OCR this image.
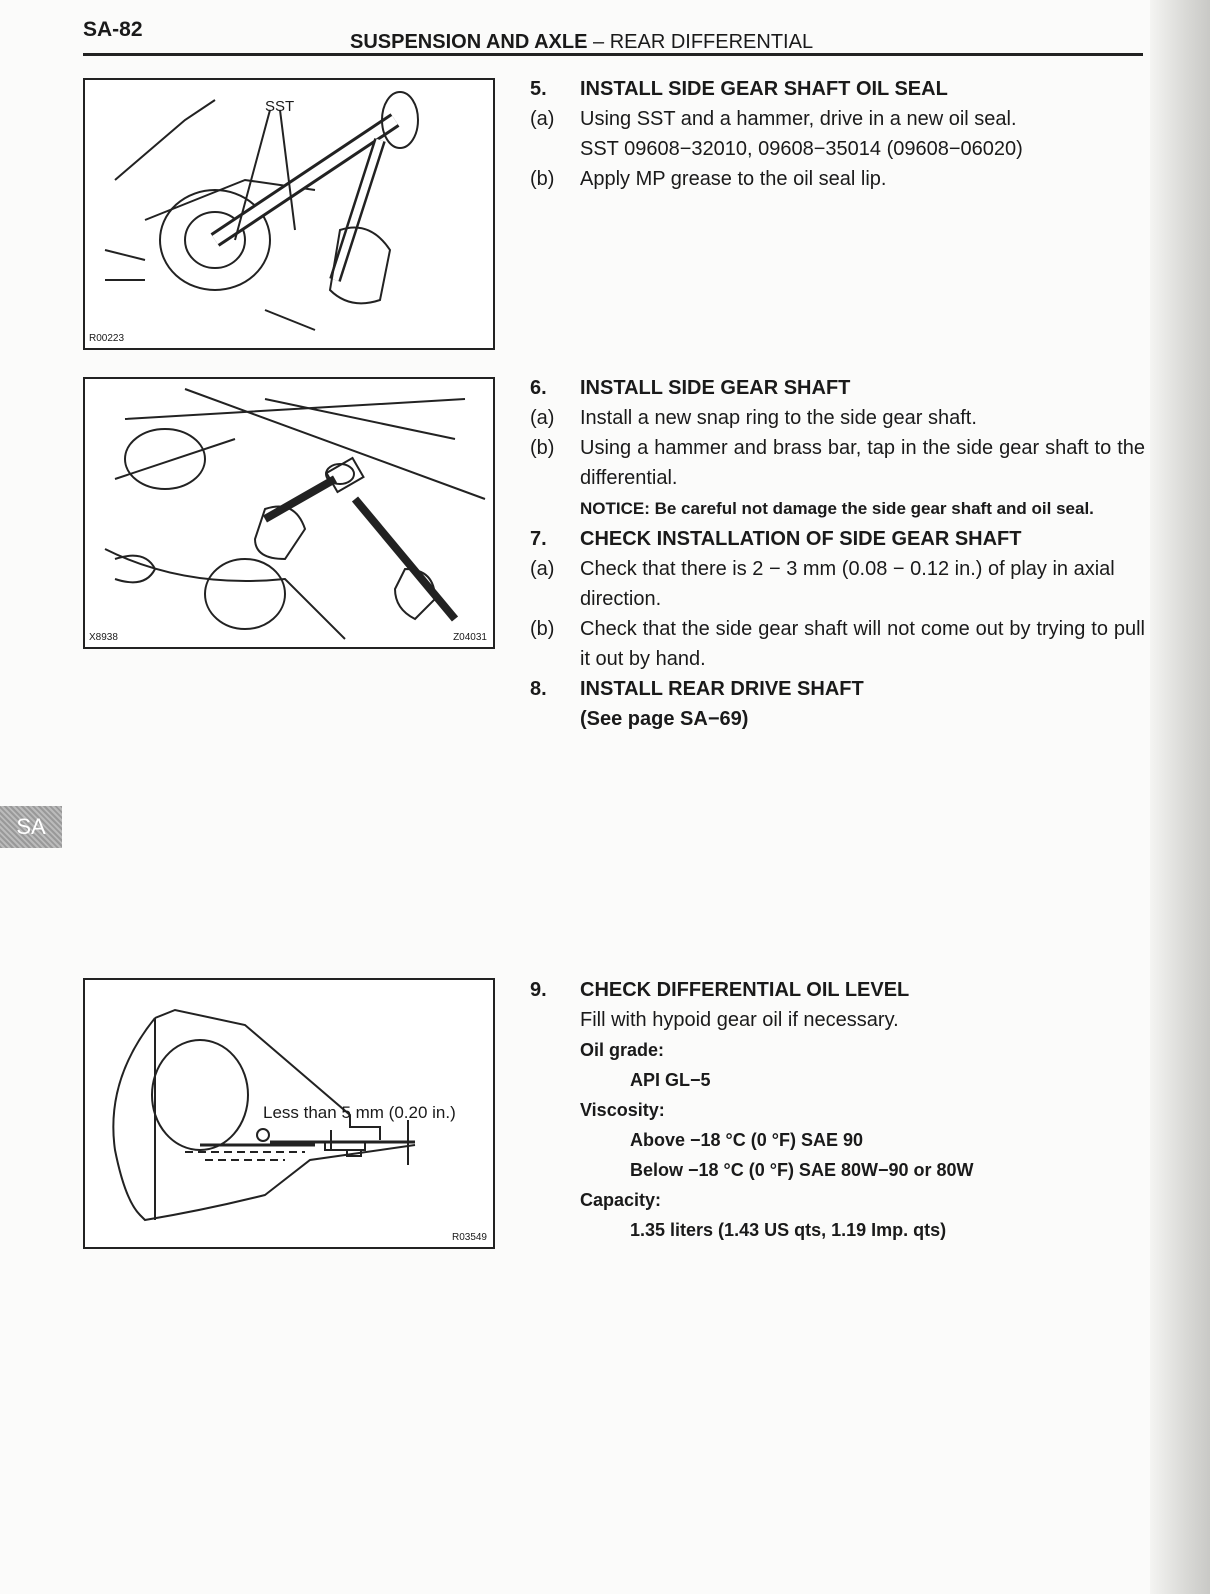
SA-82
SUSPENSION AND AXLE – REAR DIFFERENTIAL
SA
SST
R00223
X8938	Z04031
Less than 5 mm (0.20 in.)
R03549
5.	INSTALL SIDE GEAR SHAFT OIL SEAL
(a)	Using SST and a hammer, drive in a new oil seal.
SST 09608−32010, 09608−35014 (09608−06020)
(b)	Apply MP grease to the oil seal lip.
6.	INSTALL SIDE GEAR SHAFT
(a)	Install a new snap ring to the side gear shaft.
(b)	Using a hammer and brass bar, tap in the side gear shaft to the differential.
NOTICE: Be careful not damage the side gear shaft and oil seal.
7.	CHECK INSTALLATION OF SIDE GEAR SHAFT
(a)	Check that there is 2 − 3 mm (0.08 − 0.12 in.) of play in axial direction.
(b)	Check that the side gear shaft will not come out by trying to pull it out by hand.
8.	INSTALL REAR DRIVE SHAFT
(See page SA−69)
9.	CHECK DIFFERENTIAL OIL LEVEL
Fill with hypoid gear oil if necessary.
Oil grade:
API GL−5
Viscosity:
Above −18 °C (0 °F) SAE 90
Below −18 °C (0 °F) SAE 80W−90 or 80W
Capacity:
1.35 liters (1.43 US qts, 1.19 Imp. qts)
